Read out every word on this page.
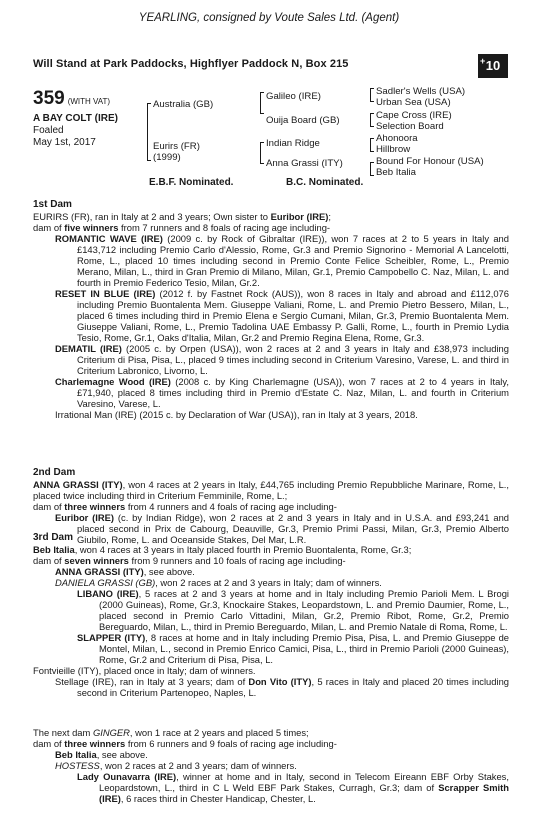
YEARLING, consigned by Voute Sales Ltd. (Agent)
Will Stand at Park Paddocks, Highflyer Paddock N, Box 215	+ 10
359 (WITH VAT)
A BAY COLT (IRE)
Foaled
May 1st, 2017
Australia (GB)
Eurirs (FR)
(1999)
Galileo (IRE)
Ouija Board (GB)
Indian Ridge
Anna Grassi (ITY)
Sadler's Wells (USA)
Urban Sea (USA)
Cape Cross (IRE)
Selection Board
Ahonoora
Hillbrow
Bound For Honour (USA)
Beb Italia
E.B.F. Nominated.	B.C. Nominated.
1st Dam

EURIRS (FR), ran in Italy at 2 and 3 years; Own sister to Euribor (IRE);

dam of five winners from 7 runners and 8 foals of racing age including-

ROMANTIC WAVE (IRE) (2009 c. by Rock of Gibraltar (IRE)), won 7 races at 2 to 5 years in Italy and £143,712 including Premio Carlo d'Alessio, Rome, Gr.3 and Premio Signorino - Memorial A Lancelotti, Rome, L., placed 10 times including second in Premio Conte Felice Scheibler, Rome, L., Premio Merano, Milan, L., third in Gran Premio di Milano, Milan, Gr.1, Premio Campobello C. Naz, Milan, L. and fourth in Premio Federico Tesio, Milan, Gr.2.

RESET IN BLUE (IRE) (2012 f. by Fastnet Rock (AUS)), won 8 races in Italy and abroad and £112,076 including Premio Buontalenta Mem. Giuseppe Valiani, Rome, L. and Premio Pietro Bessero, Milan, L., placed 6 times including third in Premio Elena e Sergio Cumani, Milan, Gr.3, Premio Buontalenta Mem. Giuseppe Valiani, Rome, L., Premio Tadolina UAE Embassy P. Galli, Rome, L., fourth in Premio Lydia Tesio, Rome, Gr.1, Oaks d'Italia, Milan, Gr.2 and Premio Regina Elena, Rome, Gr.3.

DEMATIL (IRE) (2005 c. by Orpen (USA)), won 2 races at 2 and 3 years in Italy and £38,973 including Criterium di Pisa, Pisa, L., placed 9 times including second in Criterium Varesino, Varese, L. and third in Criterium Labronico, Livorno, L.

Charlemagne Wood (IRE) (2008 c. by King Charlemagne (USA)), won 7 races at 2 to 4 years in Italy, £71,940, placed 8 times including third in Premio d'Estate C. Naz, Milan, L. and fourth in Criterium Varesino, Varese, L.

Irrational Man (IRE) (2015 c. by Declaration of War (USA)), ran in Italy at 3 years, 2018.

2nd Dam

ANNA GRASSI (ITY), won 4 races at 2 years in Italy, £44,765 including Premio Repubbliche Marinare, Rome, L., placed twice including third in Criterium Femminile, Rome, L.;

dam of three winners from 4 runners and 4 foals of racing age including-

Euribor (IRE) (c. by Indian Ridge), won 2 races at 2 and 3 years in Italy and in U.S.A. and £93,241 and placed second in Prix de Cabourg, Deauville, Gr.3, Premio Primi Passi, Milan, Gr.3, Premio Alberto Giubilo, Rome, L. and Oceanside Stakes, Del Mar, L.R.

3rd Dam

Beb Italia, won 4 races at 3 years in Italy placed fourth in Premio Buontalenta, Rome, Gr.3;

dam of seven winners from 9 runners and 10 foals of racing age including-

ANNA GRASSI (ITY), see above.

DANIELA GRASSI (GB), won 2 races at 2 and 3 years in Italy; dam of winners.

LIBANO (IRE), 5 races at 2 and 3 years at home and in Italy including Premio Parioli Mem. L Brogi (2000 Guineas), Rome, Gr.3, Knockaire Stakes, Leopardstown, L. and Premio Daumier, Rome, L., placed second in Premio Carlo Vittadini, Milan, Gr.2, Premio Ribot, Rome, Gr.2, Premio Bereguardo, Milan, L., third in Premio Bereguardo, Milan, L. and Premio Natale di Roma, Rome, L.

SLAPPER (ITY), 8 races at home and in Italy including Premio Pisa, Pisa, L. and Premio Giuseppe de Montel, Milan, L., second in Premio Enrico Camici, Pisa, L., third in Premio Parioli (2000 Guineas), Rome, Gr.2 and Criterium di Pisa, Pisa, L.

Fontvieille (ITY), placed once in Italy; dam of winners.

Stellage (IRE), ran in Italy at 3 years; dam of Don Vito (ITY), 5 races in Italy and placed 20 times including second in Criterium Partenopeo, Naples, L.

The next dam GINGER, won 1 race at 2 years and placed 5 times;

dam of three winners from 6 runners and 9 foals of racing age including-

Beb Italia, see above.

HOSTESS, won 2 races at 2 and 3 years; dam of winners.

Lady Ounavarra (IRE), winner at home and in Italy, second in Telecom Eireann EBF Orby Stakes, Leopardstown, L., third in C L Weld EBF Park Stakes, Curragh, Gr.3; dam of Scrapper Smith (IRE), 6 races third in Chester Handicap, Chester, L.
